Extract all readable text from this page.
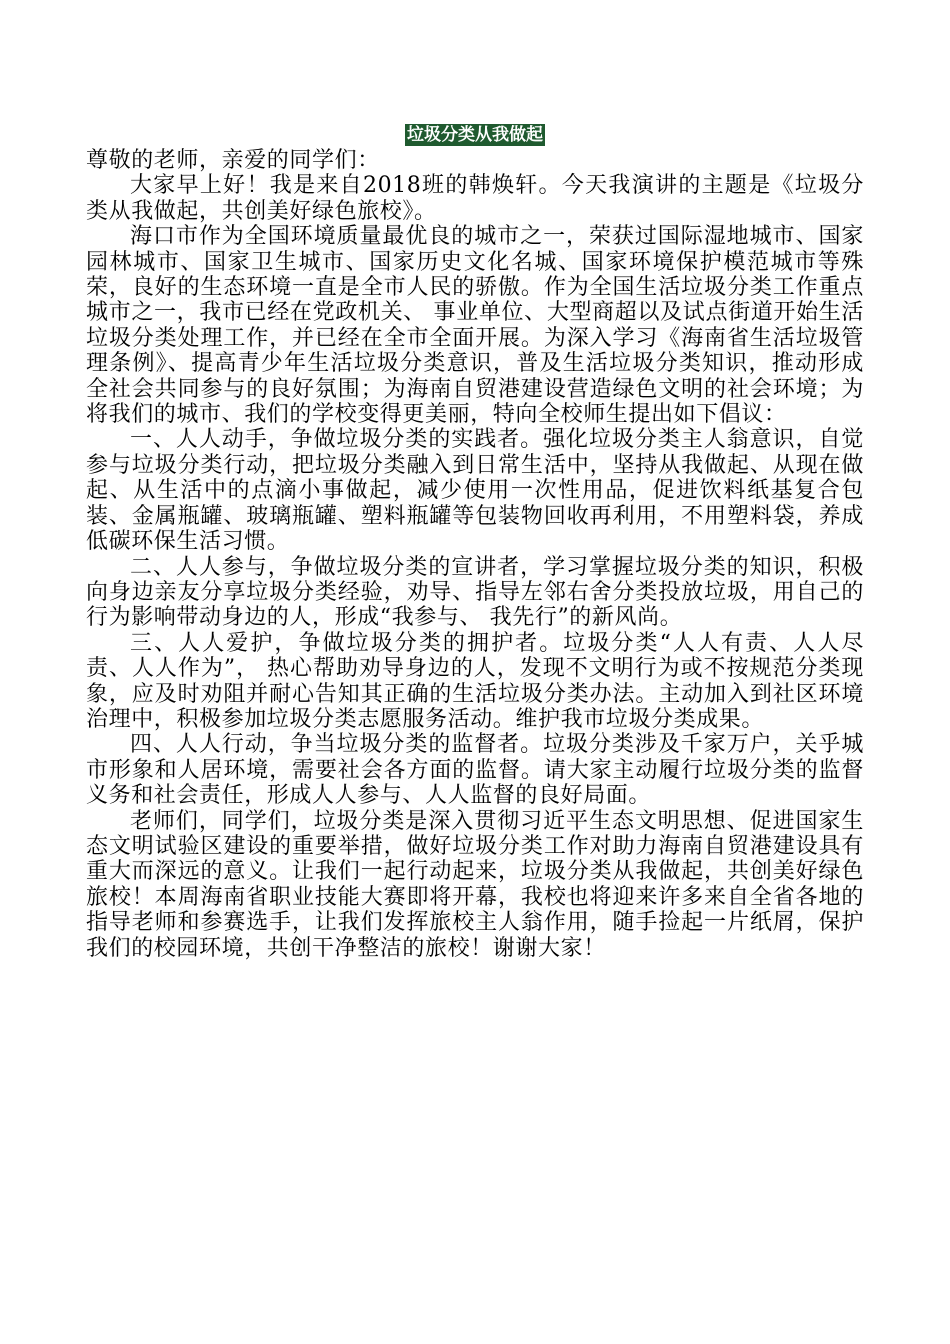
垃圾分类从我做起

尊敬的老师，亲爱的同学们：

大家早上好！我是来自2018班的韩焕轩。今天我演讲的主题是《垃圾分类从我做起，共创美好绿色旅校》。

海口市作为全国环境质量最优良的城市之一，荣获过国际湿地城市、国家园林城市、国家卫生城市、国家历史文化名城、国家环境保护模范城市等殊荣，良好的生态环境一直是全市人民的骄傲。作为全国生活垃圾分类工作重点城市之一，我市已经在党政机关、 事业单位、大型商超以及试点街道开始生活垃圾分类处理工作，并已经在全市全面开展。为深入学习《海南省生活垃圾管理条例》、提高青少年生活垃圾分类意识，普及生活垃圾分类知识，推动形成全社会共同参与的良好氛围；为海南自贸港建设营造绿色文明的社会环境；为将我们的城市、我们的学校变得更美丽，特向全校师生提出如下倡议：

一、人人动手，争做垃圾分类的实践者。强化垃圾分类主人翁意识，自觉参与垃圾分类行动，把垃圾分类融入到日常生活中，坚持从我做起、从现在做起、从生活中的点滴小事做起，减少使用一次性用品，促进饮料纸基复合包装、金属瓶罐、玻璃瓶罐、塑料瓶罐等包装物回收再利用，不用塑料袋，养成低碳环保生活习惯。

二、人人参与，争做垃圾分类的宣讲者，学习掌握垃圾分类的知识，积极向身边亲友分享垃圾分类经验，劝导、指导左邻右舍分类投放垃圾，用自己的行为影响带动身边的人，形成“我参与、 我先行”的新风尚。

三、人人爱护，争做垃圾分类的拥护者。垃圾分类“人人有责、人人尽责、人人作为”， 热心帮助劝导身边的人，发现不文明行为或不按规范分类现象，应及时劝阻并耐心告知其正确的生活垃圾分类办法。主动加入到社区环境治理中，积极参加垃圾分类志愿服务活动。维护我市垃圾分类成果。

四、人人行动，争当垃圾分类的监督者。垃圾分类涉及千家万户，关乎城市形象和人居环境，需要社会各方面的监督。请大家主动履行垃圾分类的监督义务和社会责任，形成人人参与、人人监督的良好局面。

老师们，同学们，垃圾分类是深入贯彻习近平生态文明思想、促进国家生态文明试验区建设的重要举措，做好垃圾分类工作对助力海南自贸港建设具有重大而深远的意义。让我们一起行动起来，垃圾分类从我做起，共创美好绿色旅校！本周海南省职业技能大赛即将开幕，我校也将迎来许多来自全省各地的指导老师和参赛选手，让我们发挥旅校主人翁作用，随手捡起一片纸屑，保护我们的校园环境，共创干净整洁的旅校！谢谢大家！
